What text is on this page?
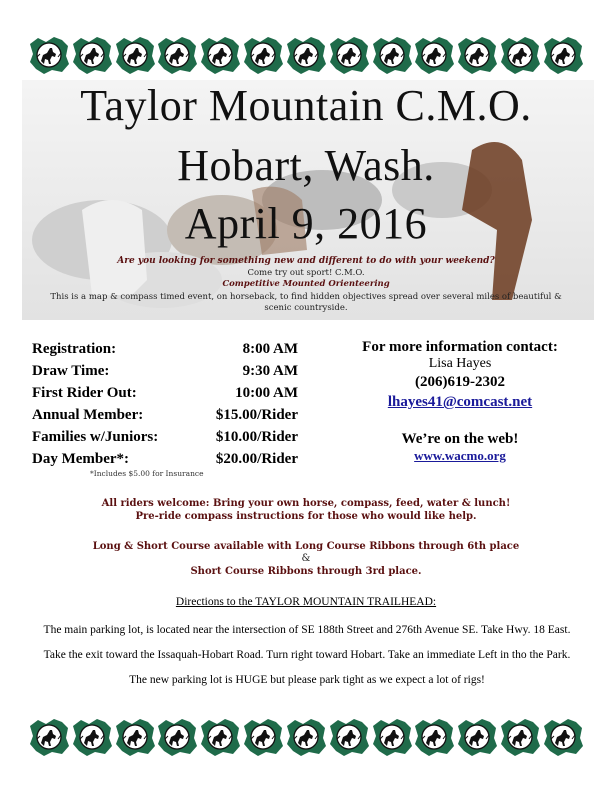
Taylor Mountain C.M.O.
Hobart, Wash.
April 9, 2016
Are you looking for something new and different to do with your weekend?
Come try out sport! C.M.O.
Competitive Mounted Orienteering
This is a map & compass timed event, on horseback, to find hidden objectives spread over several miles of beautiful & scenic countryside.
Registration:	8:00 AM
Draw Time:	9:30 AM
First Rider Out:	10:00 AM
Annual Member:	$15.00/Rider
Families w/Juniors:	$10.00/Rider
Day Member*:	$20.00/Rider
*Includes $5.00 for Insurance
For more information contact:
Lisa Hayes
(206)619-2302
lhayes41@comcast.net
We’re on the web!
www.wacmo.org
All riders welcome: Bring your own horse, compass, feed, water & lunch!
Pre-ride compass instructions for those who would like help.
Long & Short Course available with Long Course Ribbons through 6th place
&
Short Course Ribbons through 3rd place.
Directions to the TAYLOR MOUNTAIN TRAILHEAD:
The main parking lot, is located near the intersection of SE 188th Street and 276th Avenue SE. Take Hwy. 18 East. Take the exit toward the Issaquah-Hobart Road. Turn right toward Hobart. Take an immediate Left in tho the Park. The new parking lot is HUGE but please park tight as we expect a lot of rigs!
